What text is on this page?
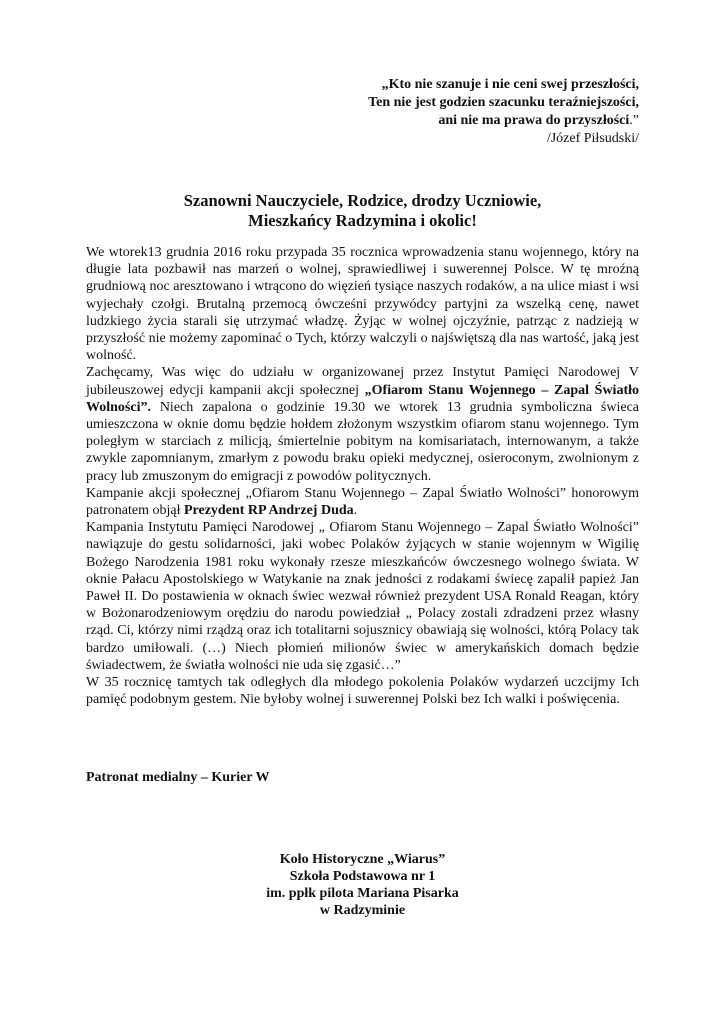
„Kto nie szanuje i nie ceni swej przeszłości,
Ten nie jest godzien szacunku teraźniejszości,
ani nie ma prawa do przyszłości.”
/Józef Piłsudski/
Szanowni Nauczyciele, Rodzice, drodzy Uczniowie,
Mieszkańcy Radzymina i okolic!

We wtorek13 grudnia 2016 roku przypada 35 rocznica wprowadzenia stanu wojennego, który na długie lata pozbawił nas marzeń o wolnej, sprawiedliwej i suwerennej Polsce. W tę mroźną grudniową noc aresztowano i wtrącono do więzień tysiące naszych rodaków, a na ulice miast i wsi wyjechały czołgi. Brutalną przemocą ówcześni przywódcy partyjni za wszelką cenę, nawet ludzkiego życia starali się utrzymać władzę. Żyjąc w wolnej ojczyźnie, patrząc z nadzieją w przyszłość nie możemy zapominać o Tych, którzy walczyli o najświętszą dla nas wartość, jaką jest wolność.

Zachęcamy, Was więc do udziału w organizowanej przez Instytut Pamięci Narodowej V jubileuszowej edycji kampanii akcji społecznej „Ofiarom Stanu Wojennego – Zapal Światło Wolności”. Niech zapalona o godzinie 19.30 we wtorek 13 grudnia symboliczna świeca umieszczona w oknie domu będzie hołdem złożonym wszystkim ofiarom stanu wojennego. Tym poległym w starciach z milicją, śmiertelnie pobitym na komisariatach, internowanym, a także zwykle zapomnianym, zmarłym z powodu braku opieki medycznej, osieroconym, zwolnionym z pracy lub zmuszonym do emigracji z powodów politycznych.

Kampanie akcji społecznej „Ofiarom Stanu Wojennego – Zapal Światło Wolności” honorowym patronatem objął Prezydent RP Andrzej Duda.

Kampania Instytutu Pamięci Narodowej „ Ofiarom Stanu Wojennego – Zapal Światło Wolności” nawiązuje do gestu solidarności, jaki wobec Polaków żyjących w stanie wojennym w Wigilię Bożego Narodzenia 1981 roku wykonały rzesze mieszkańców ówczesnego wolnego świata. W oknie Pałacu Apostolskiego w Watykanie na znak jedności z rodakami świecę zapalił papież Jan Paweł II. Do postawienia w oknach świec wezwał również prezydent USA Ronald Reagan, który w Bożonarodzeniowym orędziu do narodu powiedział „ Polacy zostali zdradzeni przez własny rząd. Ci, którzy nimi rządzą oraz ich totalitarni sojusznicy obawiają się wolności, którą Polacy tak bardzo umiłowali. (…) Niech płomień milionów świec w amerykańskich domach będzie świadectwem, że światła wolności nie uda się zgasić…”

W 35 rocznicę tamtych tak odległych dla młodego pokolenia Polaków wydarzeń uczcijmy Ich pamięć podobnym gestem. Nie byłoby wolnej i suwerennej Polski bez Ich walki i poświęcenia.

Patronat medialny – Kurier W
Koło Historyczne „Wiarus”
Szkoła Podstawowa nr 1
im. ppłk pilota Mariana Pisarka
w Radzyminie
